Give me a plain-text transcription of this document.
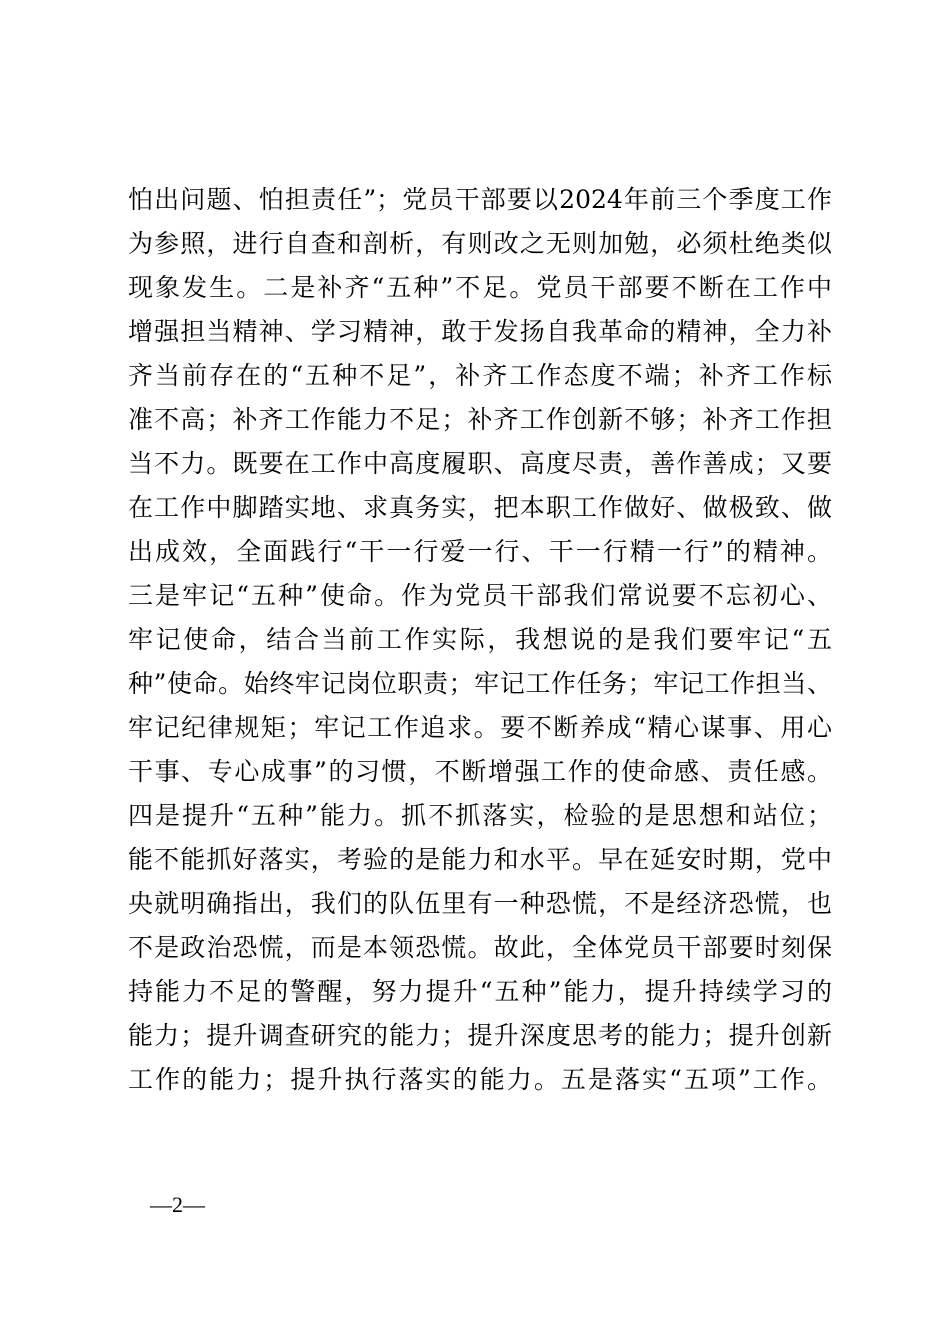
怕出问题、怕担责任”；党员干部要以2024年前三个季度工作
为参照，进行自查和剖析，有则改之无则加勉，必须杜绝类似
现象发生。二是补齐“五种”不足。党员干部要不断在工作中
增强担当精神、学习精神，敢于发扬自我革命的精神，全力补
齐当前存在的“五种不足”，补齐工作态度不端；补齐工作标
准不高；补齐工作能力不足；补齐工作创新不够；补齐工作担
当不力。既要在工作中高度履职、高度尽责，善作善成；又要
在工作中脚踏实地、求真务实，把本职工作做好、做极致、做
出成效，全面践行“干一行爱一行、干一行精一行”的精神。
三是牢记“五种”使命。作为党员干部我们常说要不忘初心、
牢记使命，结合当前工作实际，我想说的是我们要牢记“五
种”使命。始终牢记岗位职责；牢记工作任务；牢记工作担当、
牢记纪律规矩；牢记工作追求。要不断养成“精心谋事、用心
干事、专心成事”的习惯，不断增强工作的使命感、责任感。
四是提升“五种”能力。抓不抓落实，检验的是思想和站位；
能不能抓好落实，考验的是能力和水平。早在延安时期，党中
央就明确指出，我们的队伍里有一种恐慌，不是经济恐慌，也
不是政治恐慌，而是本领恐慌。故此，全体党员干部要时刻保
持能力不足的警醒，努力提升“五种”能力，提升持续学习的
能力；提升调查研究的能力；提升深度思考的能力；提升创新
工作的能力；提升执行落实的能力。五是落实“五项”工作。
—2—
